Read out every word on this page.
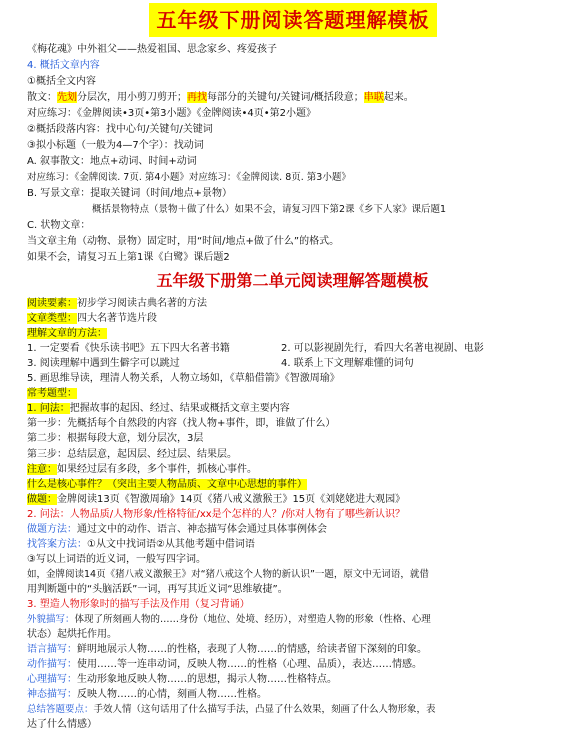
五年级下册阅读答题理解模板
《梅花魂》中外祖父——热爱祖国、思念家乡、疼爱孩子
4. 概括文章内容
①概括全文内容
散文：先划分层次，用小剪刀剪开；再找每部分的关键句/关键词/概括段意；串联起来。
对应练习：《金牌阅读•3页•第3小题》《金牌阅读•4页•第2小题》
②概括段落内容：找中心句/关键句/关键词
③拟小标题（一般为4—7个字）：找动词
A. 叙事散文：地点+动词、时间+动词
对应练习：《金牌阅读. 7页. 第4小题》对应练习：《金牌阅读. 8页. 第3小题》
B. 写景文章：提取关键词（时间/地点+景物）
概括景物特点（景物＋做了什么）如果不会，请复习四下第2课《乡下人家》课后题1
C. 状物文章：
当文章主角（动物、景物）固定时，用“时间/地点+做了什么”的格式。
如果不会，请复习五上第1课《白鹭》课后题2
五年级下册第二单元阅读理解答题模板
阅读要素：初步学习阅读古典名著的方法
文章类型：四大名著节选片段
理解文章的方法：
1. 一定要看《快乐读书吧》五下四大名著书籍	2. 可以影视剧先行，看四大名著电视剧、电影
3. 阅读理解中遇到生僻字可以跳过	4. 联系上下文理解难懂的词句
5. 画思维导读，理清人物关系，人物立场如，《草船借箭》《智激周瑜》
常考题型：
1. 问法：把握故事的起因、经过、结果或概括文章主要内容
第一步：先概括每个自然段的内容（找人物+事件，即，谁做了什么）
第二步：根据每段大意，划分层次，3层
第三步：总结层意，起因层、经过层、结果层。
注意：如果经过层有多段，多个事件，抓核心事件。
什么是核心事件？（突出主要人物品质、文章中心思想的事件）
做题：金牌阅读13页《智激周瑜》14页《猪八戒义激猴王》15页《刘姥姥进大观园》
2. 问法：人物品质/人物形象/性格特征/xx是个怎样的人？/你对人物有了哪些新认识？
做题方法：通过文中的动作、语言、神态描写体会通过具体事例体会
找答案方法：①从文中找词语②从其他考题中借词语
③写以上词语的近义词，一般写四字词。
如，金牌阅读14页《猪八戒义激猴王》对“猪八戒这个人物的新认识”一题，原文中无词语，就借
用判断题中的“头脑活跃”一词，再写其近义词“思维敏捷”。
3. 塑造人物形象时的描写手法及作用（复习背诵）
外貌描写：体现了所刻画人物的……身份（地位、处境、经历），对塑造人物的形象（性格、心理
状态）起烘托作用。
语言描写：鲜明地展示人物……的性格，表现了人物……的情感，给读者留下深刻的印象。
动作描写：使用……等一连串动词，反映人物……的性格（心理、品质），表达……情感。
心理描写：生动形象地反映人物……的思想，揭示人物……性格特点。
神态描写：反映人物……的心情，刻画人物……性格。
总结答题要点：手效人情（这句话用了什么描写手法，凸显了什么效果，刻画了什么人物形象，表
达了什么情感）
